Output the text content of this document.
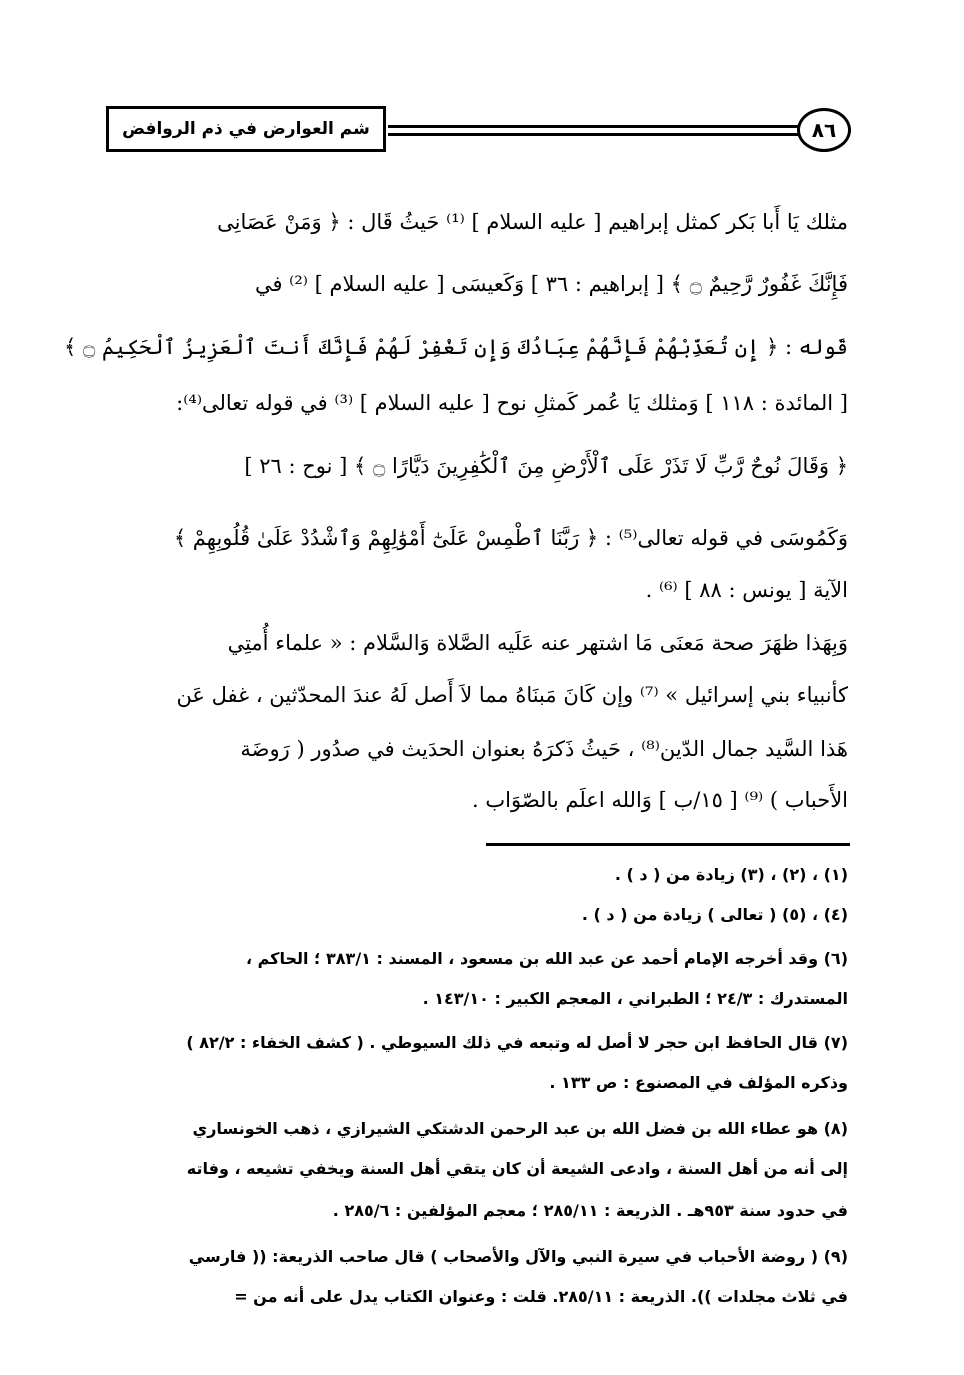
شم العوارض في ذم الروافض	٨٦
مثلك يَا أَبا بَكر كمثل إبراهيم [ عليه السلام ] ⁽¹⁾ حَيثُ قَال : ﴿ وَمَنْ عَصَانِى
فَإِنَّكَ غَفُورٌ رَّحِيمٌ ۝ ﴾ [ إبراهيم : ٣٦ ] وَكَعيسَى [ عليه السلام ] ⁽²⁾ في
قَوله : ﴿ إِن تُعَذِّبْهُمْ فَإِنَّهُمْ عِبَادُكَ وَإِن تَغْفِرْ لَهُمْ فَإِنَّكَ أَنتَ ٱلْعَزِيزُ ٱلْحَكِيمُ ۝ ﴾
[ المائدة : ١١٨ ] وَمثلك يَا عُمر كَمثلِ نوح [ عليه السلام ] ⁽³⁾ في قوله تعالى⁽⁴⁾:
﴿ وَقَالَ نُوحٌ رَّبِّ لَا تَذَرْ عَلَى ٱلْأَرْضِ مِنَ ٱلْكَٰفِرِينَ دَيَّارًا ۝ ﴾ [ نوح : ٢٦ ]
وَكَمُوسَى في قوله تعالى⁽⁵⁾ : ﴿ رَبَّنَا ٱطْمِسْ عَلَىٰٓ أَمْوَٰلِهِمْ وَٱشْدُدْ عَلَىٰ قُلُوبِهِمْ ﴾
الآية [ يونس : ٨٨ ] ⁽⁶⁾ .
وَبِهَذا ظهَرَ صحة مَعنَى مَا اشتهر عنه عَلَيه الصَّلاة وَالسَّلام : « علماء أُمتِي
كأنبياء بني إسرائيل » ⁽⁷⁾ وإن كَانَ مَبنَاهُ مما لاَ أَصل لَهُ عندَ المحدّثين ، غفل عَن
هَذا السَّيد جمال الدّين⁽⁸⁾ ، حَيثُ ذَكرَهُ بعنوان الحدَيث في صدُور ( رَوضَة
الأَحباب ) ⁽⁹⁾ [ ١٥/ب ] وَالله اعلَم بالصّوَاب .
(١) ، (٢) ، (٣) زيادة من ( د ) .
(٤) ، (٥) ( تعالى ) زيادة من ( د ) .
(٦) وقد أخرجه الإمام أحمد عن عبد الله بن مسعود ، المسند : ٣٨٣/١ ؛ الحاكم ،
المستدرك : ٢٤/٣ ؛ الطبراني ، المعجم الكبير : ١٤٣/١٠ .
(٧) قال الحافظ ابن حجر لا أصل له وتبعه في ذلك السيوطي . ( كشف الخفاء : ٨٢/٢ )
وذكره المؤلف في المصنوع : ص ١٣٣ .
(٨) هو عطاء الله بن فضل الله بن عبد الرحمن الدشتكي الشيرازي ، ذهب الخونساري
إلى أنه من أهل السنة ، وادعى الشيعة أن كان يتقي أهل السنة ويخفي تشيعه ، وفاته
في حدود سنة ٩٥٣هـ . الذريعة : ٢٨٥/١١ ؛ معجم المؤلفين : ٢٨٥/٦ .
(٩) ( روضة الأحباب في سيرة النبي والآل والأصحاب ) قال صاحب الذريعة: (( فارسي
في ثلاث مجلدات )). الذريعة : ٢٨٥/١١. قلت : وعنوان الكتاب يدل على أنه من =
